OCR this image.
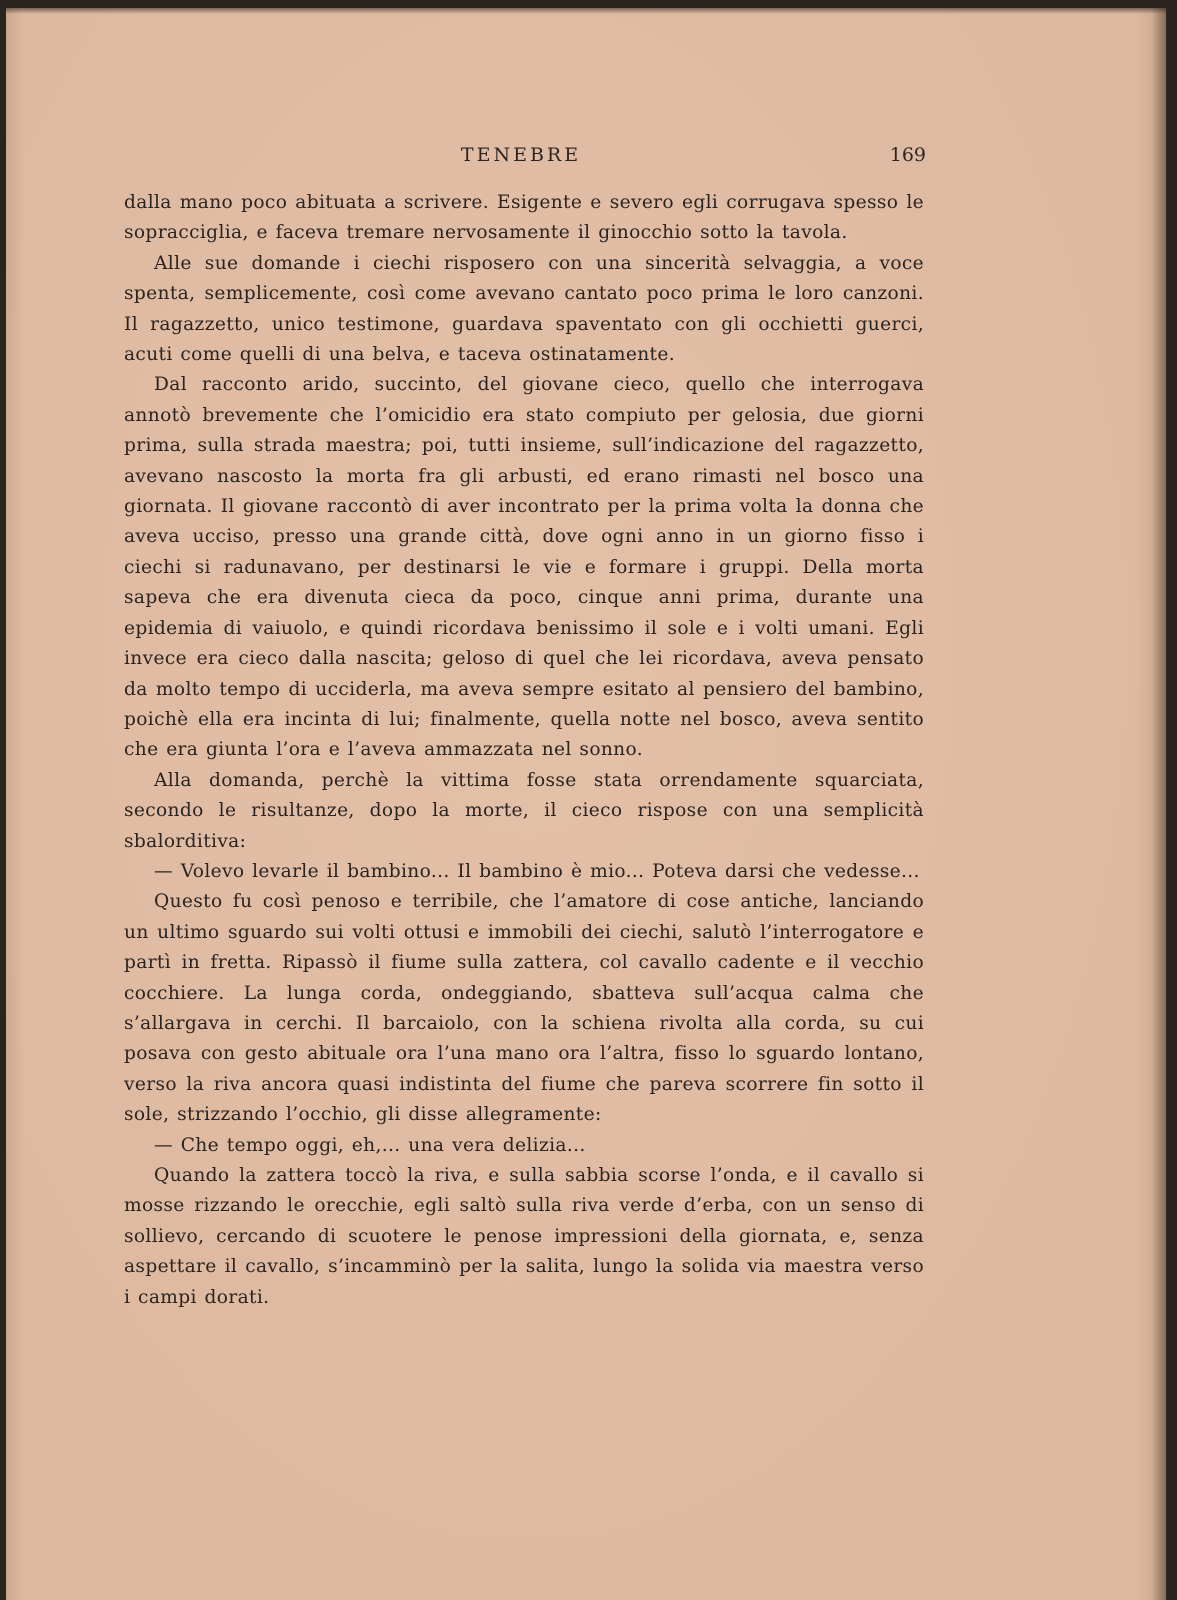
TENEBRE	169

dalla mano poco abituata a scrivere. Esigente e severo egli corrugava spesso le sopracciglia, e faceva tremare nervosamente il ginocchio sotto la tavola.

Alle sue domande i ciechi risposero con una sincerità selvaggia, a voce spenta, semplicemente, così come avevano cantato poco prima le loro canzoni. Il ragazzetto, unico testimone, guardava spaventato con gli occhietti guerci, acuti come quelli di una belva, e taceva ostinatamente.

Dal racconto arido, succinto, del giovane cieco, quello che interrogava annotò brevemente che l’omicidio era stato compiuto per gelosia, due giorni prima, sulla strada maestra; poi, tutti insieme, sull’indicazione del ragazzetto, avevano nascosto la morta fra gli arbusti, ed erano rimasti nel bosco una giornata. Il giovane raccontò di aver incontrato per la prima volta la donna che aveva ucciso, presso una grande città, dove ogni anno in un giorno fisso i ciechi si radunavano, per destinarsi le vie e formare i gruppi. Della morta sapeva che era divenuta cieca da poco, cinque anni prima, durante una epidemia di vaiuolo, e quindi ricordava benissimo il sole e i volti umani. Egli invece era cieco dalla nascita; geloso di quel che lei ricordava, aveva pensato da molto tempo di ucciderla, ma aveva sempre esitato al pensiero del bambino, poichè ella era incinta di lui; finalmente, quella notte nel bosco, aveva sentito che era giunta l’ora e l’aveva ammazzata nel sonno.

Alla domanda, perchè la vittima fosse stata orrendamente squarciata, secondo le risultanze, dopo la morte, il cieco rispose con una semplicità sbalorditiva:

— Volevo levarle il bambino... Il bambino è mio... Poteva darsi che vedesse...

Questo fu così penoso e terribile, che l’amatore di cose antiche, lanciando un ultimo sguardo sui volti ottusi e immobili dei ciechi, salutò l’interrogatore e partì in fretta. Ripassò il fiume sulla zattera, col cavallo cadente e il vecchio cocchiere. La lunga corda, ondeggiando, sbatteva sull’acqua calma che s’allargava in cerchi. Il barcaiolo, con la schiena rivolta alla corda, su cui posava con gesto abituale ora l’una mano ora l’altra, fisso lo sguardo lontano, verso la riva ancora quasi indistinta del fiume che pareva scorrere fin sotto il sole, strizzando l’occhio, gli disse allegramente:

— Che tempo oggi, eh,... una vera delizia...

Quando la zattera toccò la riva, e sulla sabbia scorse l’onda, e il cavallo si mosse rizzando le orecchie, egli saltò sulla riva verde d’erba, con un senso di sollievo, cercando di scuotere le penose impressioni della giornata, e, senza aspettare il cavallo, s’incamminò per la salita, lungo la solida via maestra verso i campi dorati.
